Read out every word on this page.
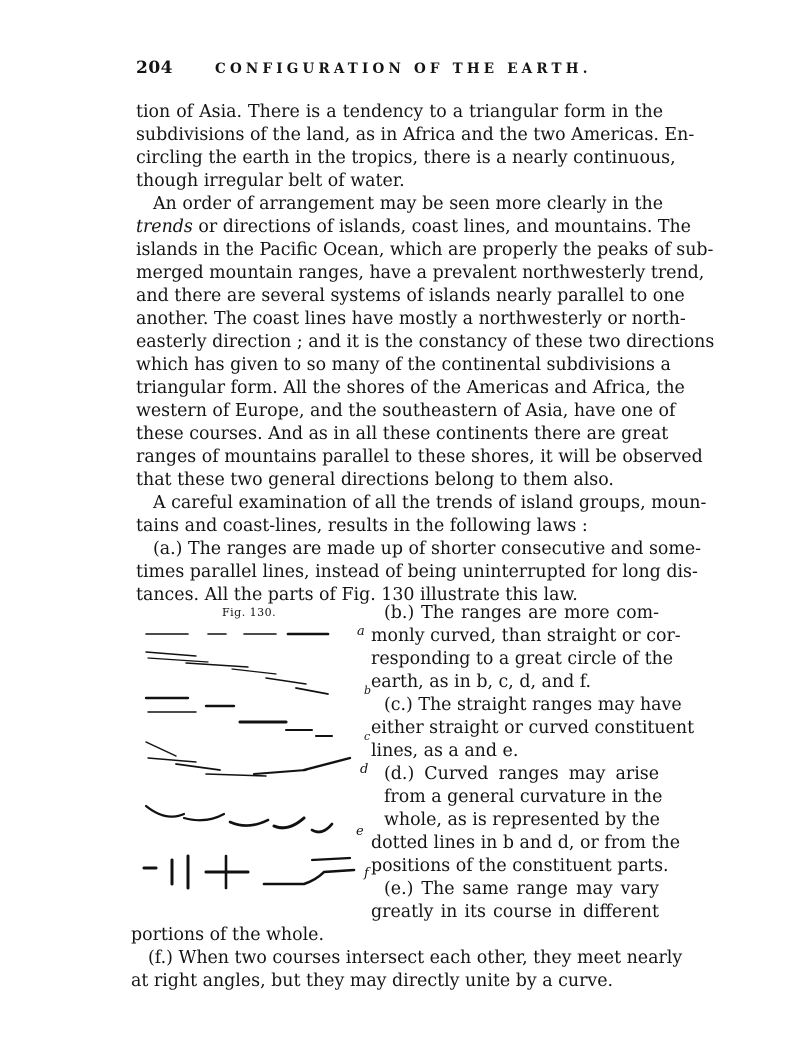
204	CONFIGURATION OF THE EARTH.
tion of Asia. There is a tendency to a triangular form in the
subdivisions of the land, as in Africa and the two Americas. En-
circling the earth in the tropics, there is a nearly continuous,
though irregular belt of water.
An order of arrangement may be seen more clearly in the
trends or directions of islands, coast lines, and mountains. The
islands in the Pacific Ocean, which are properly the peaks of sub-
merged mountain ranges, have a prevalent northwesterly trend,
and there are several systems of islands nearly parallel to one
another. The coast lines have mostly a northwesterly or north-
easterly direction ; and it is the constancy of these two directions
which has given to so many of the continental subdivisions a
triangular form. All the shores of the Americas and Africa, the
western of Europe, and the southeastern of Asia, have one of
these courses. And as in all these continents there are great
ranges of mountains parallel to these shores, it will be observed
that these two general directions belong to them also.
A careful examination of all the trends of island groups, moun-
tains and coast-lines, results in the following laws :
(a.) The ranges are made up of shorter consecutive and some-
times parallel lines, instead of being uninterrupted for long dis-
tances. All the parts of Fig. 130 illustrate this law.
Fig. 130.
a
b
c
d
e
f
(b.) The ranges are more com-
monly curved, than straight or cor-
responding to a great circle of the
earth, as in b, c, d, and f.
(c.) The straight ranges may have
either straight or curved constituent
lines, as a and e.
(d.) Curved ranges may arise
from a general curvature in the
whole, as is represented by the
dotted lines in b and d, or from the
positions of the constituent parts.
(e.) The same range may vary
greatly in its course in different
portions of the whole.
(f.) When two courses intersect each other, they meet nearly
at right angles, but they may directly unite by a curve.
